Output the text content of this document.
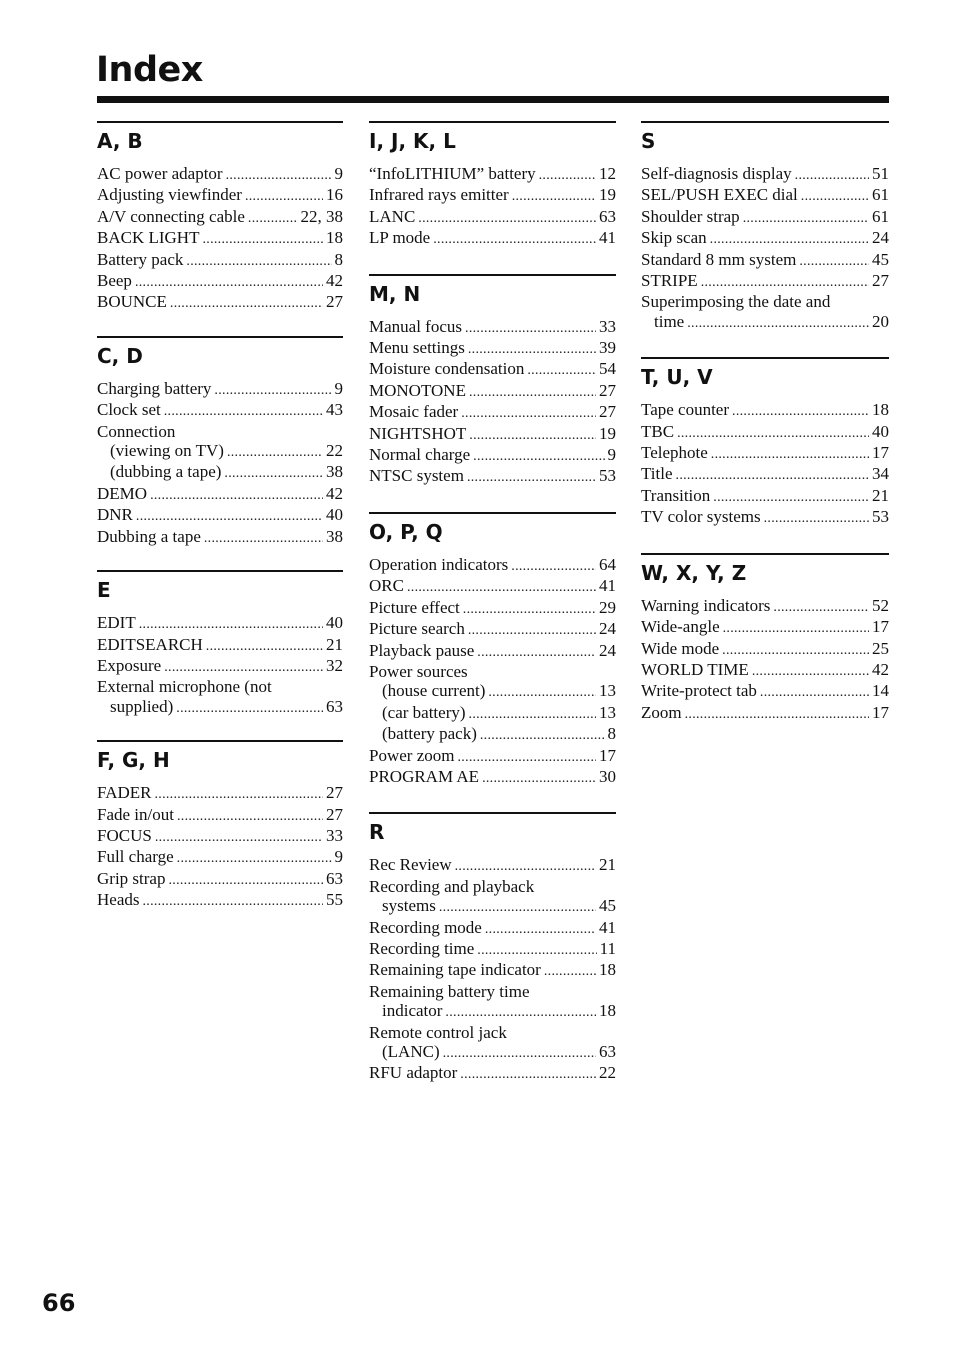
Index
A, B
AC power adaptor . . .	9
Adjusting viewfinder . . .	16
A/V connecting cable . . .	22, 38
BACK LIGHT . . .	18
Battery pack . . .	8
Beep . . .	42
BOUNCE . . .	27
C, D
Charging battery . . .	9
Clock set . . .	43
Connection
(viewing on TV) . . .	22
(dubbing a tape) . . .	38
DEMO . . .	42
DNR . . .	40
Dubbing a tape . . .	38
E
EDIT . . .	40
EDITSEARCH . . .	21
Exposure . . .	32
External microphone (not
supplied) . . .	63
F, G, H
FADER . . .	27
Fade in/out . . .	27
FOCUS . . .	33
Full charge . . .	9
Grip strap . . .	63
Heads . . .	55
I, J, K, L
“InfoLITHIUM” battery . . .	12
Infrared rays emitter . . .	19
LANC . . .	63
LP mode . . .	41
M, N
Manual focus . . .	33
Menu settings . . .	39
Moisture condensation . . .	54
MONOTONE . . .	27
Mosaic fader . . .	27
NIGHTSHOT . . .	19
Normal charge . . .	9
NTSC system . . .	53
O, P, Q
Operation indicators . . .	64
ORC . . .	41
Picture effect . . .	29
Picture search . . .	24
Playback pause . . .	24
Power sources
(house current) . . .	13
(car battery) . . .	13
(battery pack) . . .	8
Power zoom . . .	17
PROGRAM AE . . .	30
R
Rec Review . . .	21
Recording and playback
systems . . .	45
Recording mode . . .	41
Recording time . . .	11
Remaining tape indicator . . .	18
Remaining battery time
indicator . . .	18
Remote control jack
(LANC) . . .	63
RFU adaptor . . .	22
S
Self-diagnosis display . . .	51
SEL/PUSH EXEC dial . . .	61
Shoulder strap . . .	61
Skip scan . . .	24
Standard 8 mm system . . .	45
STRIPE . . .	27
Superimposing the date and
time . . .	20
T, U, V
Tape counter . . .	18
TBC . . .	40
Telephote . . .	17
Title . . .	34
Transition . . .	21
TV color systems . . .	53
W, X, Y, Z
Warning indicators . . .	52
Wide-angle . . .	17
Wide mode . . .	25
WORLD TIME . . .	42
Write-protect tab . . .	14
Zoom . . .	17
66
